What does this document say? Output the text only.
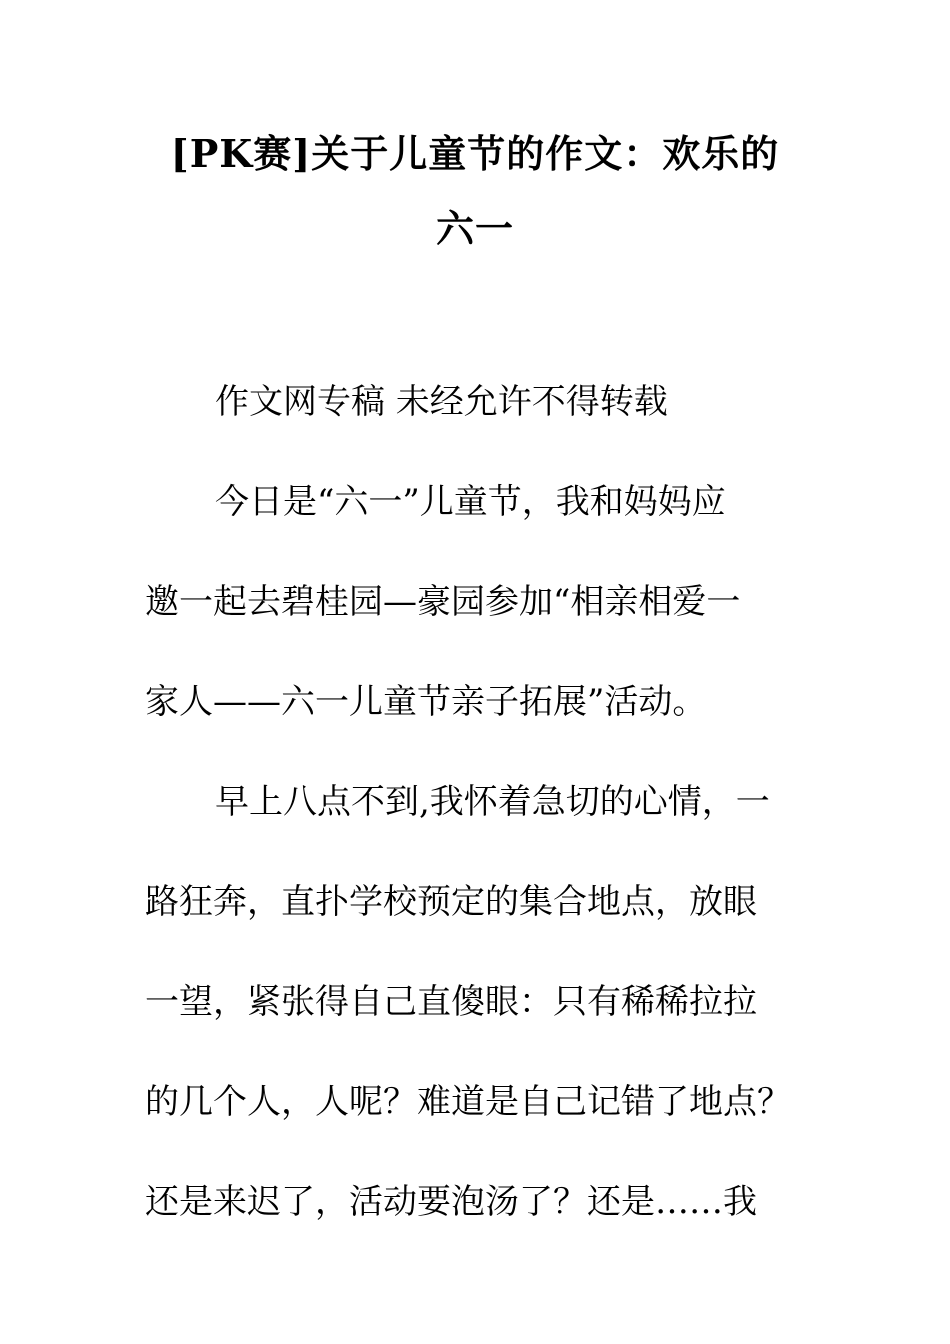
[PK赛]关于儿童节的作文：欢乐的
六一

作文网专稿 未经允许不得转载

今日是“六一”儿童节，我和妈妈应

邀一起去碧桂园—豪园参加“相亲相爱一

家人——六一儿童节亲子拓展”活动。

早上八点不到,我怀着急切的心情，一

路狂奔，直扑学校预定的集合地点，放眼

一望，紧张得自己直傻眼：只有稀稀拉拉

的几个人，人呢？难道是自己记错了地点？

还是来迟了，活动要泡汤了？还是……我
